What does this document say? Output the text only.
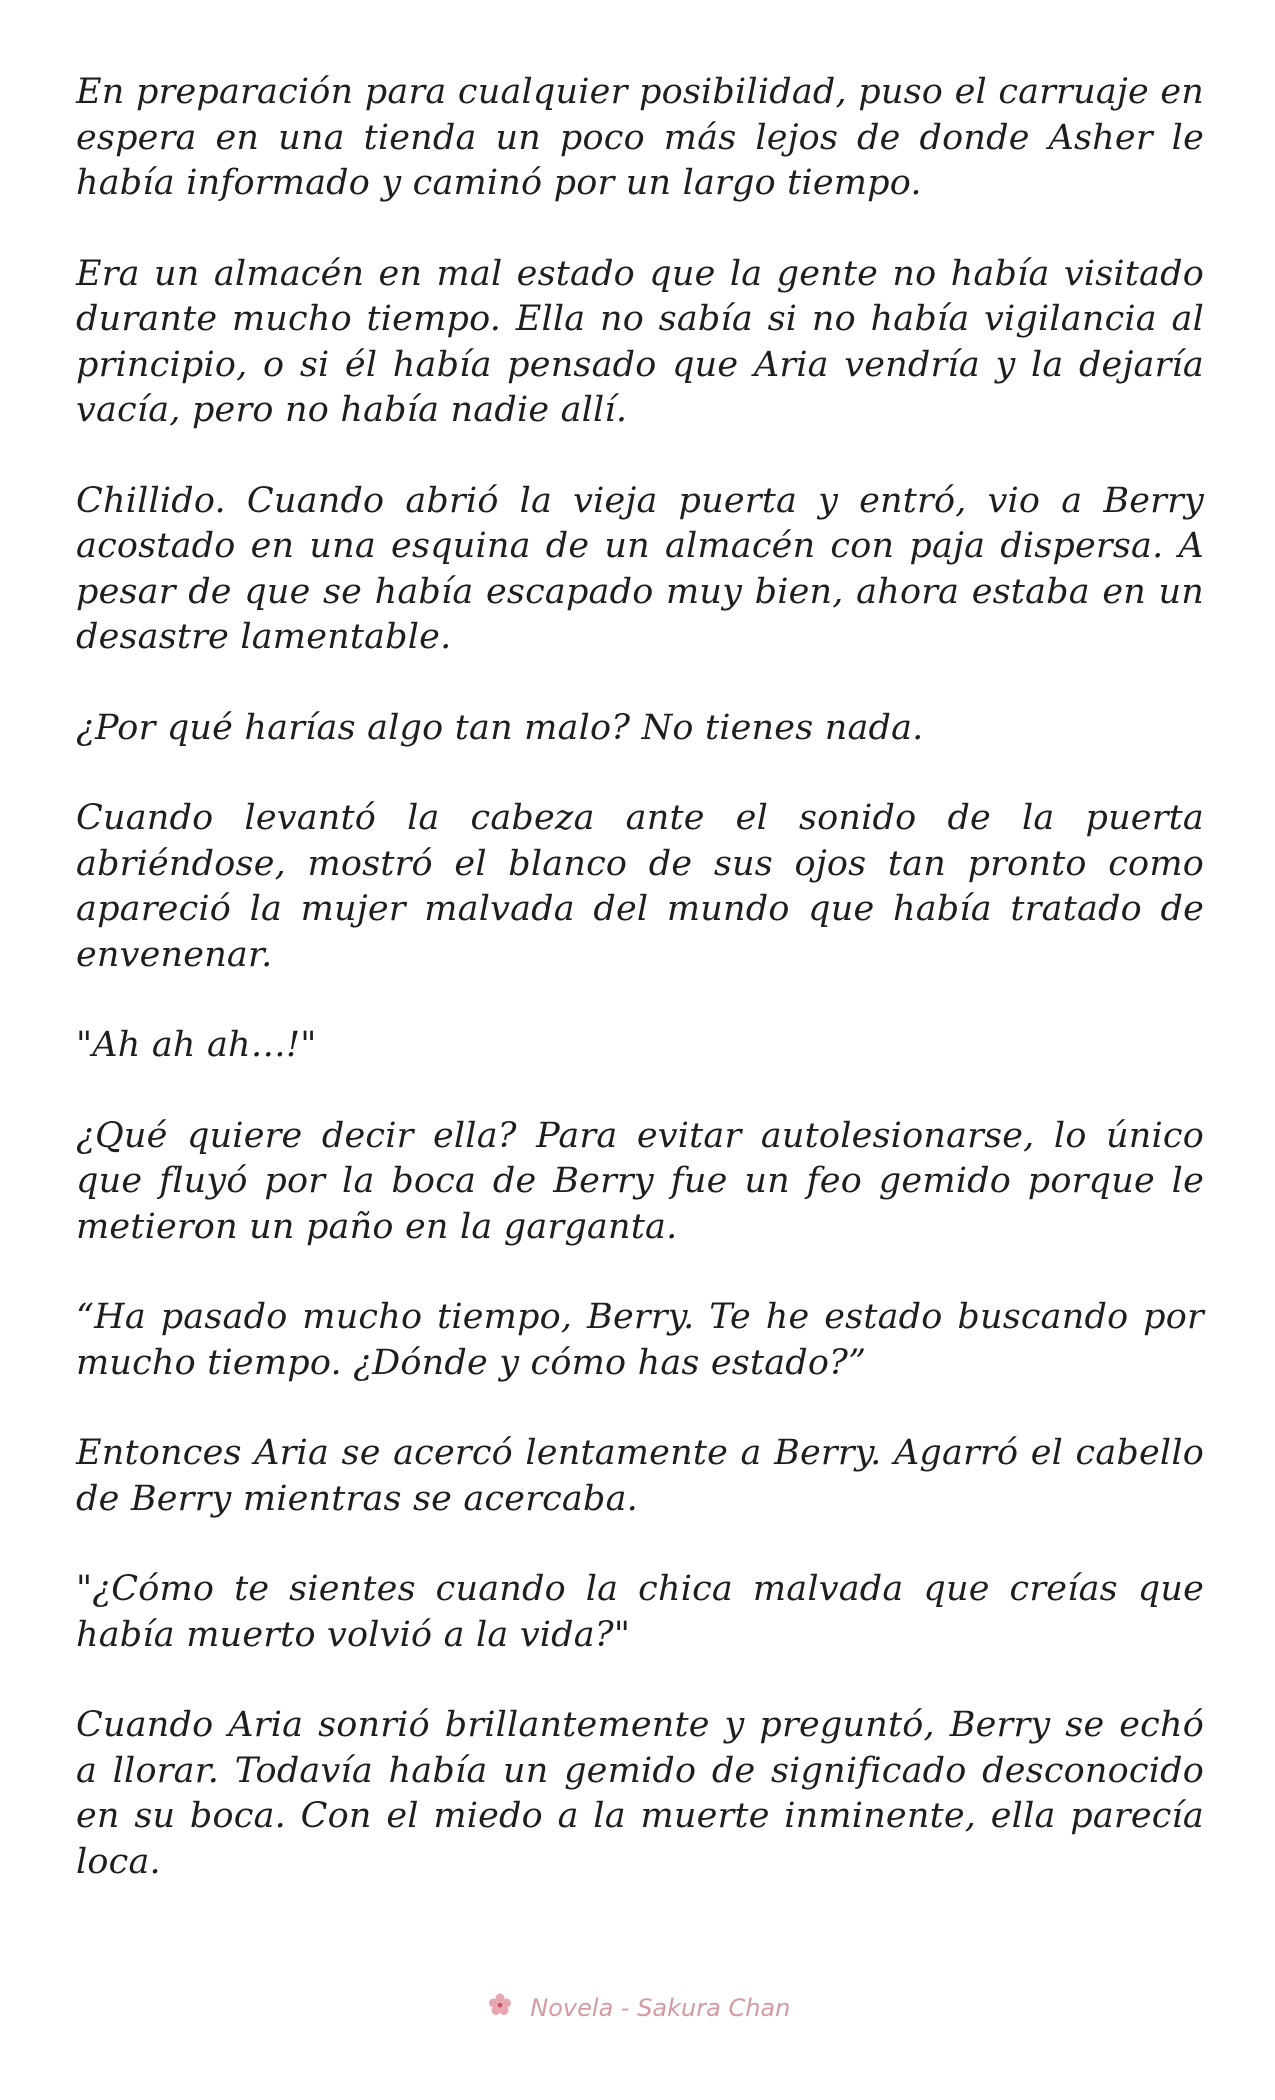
En preparación para cualquier posibilidad, puso el carruaje en espera en una tienda un poco más lejos de donde Asher le había informado y caminó por un largo tiempo.

Era un almacén en mal estado que la gente no había visitado durante mucho tiempo. Ella no sabía si no había vigilancia al principio, o si él había pensado que Aria vendría y la dejaría vacía, pero no había nadie allí.

Chillido. Cuando abrió la vieja puerta y entró, vio a Berry acostado en una esquina de un almacén con paja dispersa. A pesar de que se había escapado muy bien, ahora estaba en un desastre lamentable.

¿Por qué harías algo tan malo? No tienes nada.

Cuando levantó la cabeza ante el sonido de la puerta abriéndose, mostró el blanco de sus ojos tan pronto como apareció la mujer malvada del mundo que había tratado de envenenar.

"Ah ah ah…!"

¿Qué quiere decir ella? Para evitar autolesionarse, lo único que fluyó por la boca de Berry fue un feo gemido porque le metieron un paño en la garganta.

“Ha pasado mucho tiempo, Berry. Te he estado buscando por mucho tiempo. ¿Dónde y cómo has estado?”

Entonces Aria se acercó lentamente a Berry. Agarró el cabello de Berry mientras se acercaba.

"¿Cómo te sientes cuando la chica malvada que creías que había muerto volvió a la vida?"

Cuando Aria sonrió brillantemente y preguntó, Berry se echó a llorar. Todavía había un gemido de significado desconocido en su boca. Con el miedo a la muerte inminente, ella parecía loca.

Novela - Sakura Chan
